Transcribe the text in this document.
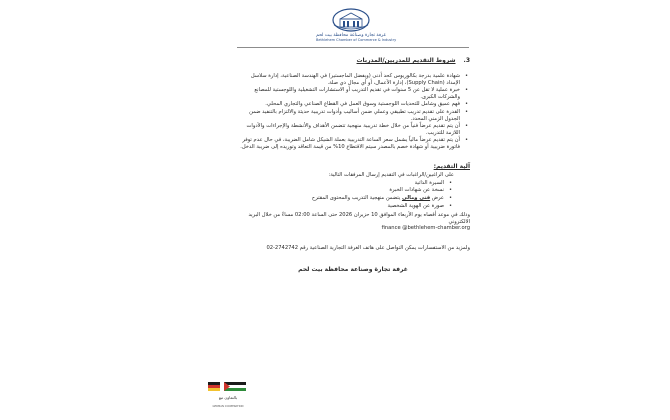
غرفة تجارة وصناعة محافظة بيت لحم
Bethlehem Chamber of Commerce & Industry
3.شروط التقديم للمدربين/المدربات
• شهادة علمية بدرجة بكالوريوس كحد أدنى (ويفضل الماجستير) في الهندسة الصناعية، إدارة سلاسل الإمداد (Supply Chain)، إدارة الأعمال، أو أي مجال ذي صلة.
• خبرة عملية لا تقل عن 5 سنوات في تقديم التدريب أو الاستشارات التشغيلية واللوجستية للمصانع والشركات الكبرى.
• فهم عميق وشامل للتحديات اللوجستية وسوق العمل في القطاع الصناعي والتجاري المحلي.
• القدرة على تقديم تدريب تطبيقي وعملي ضمن أساليب وأدوات تدريبية حديثة والالتزام بالتنفيذ ضمن الجدول الزمني المحدد.
• أن يتم تقديم عرضاً فنياً من خلال خطة تدريبية منهجية تتضمن الأهداف والأنشطة والإجراءات والأدوات اللازمة للتدريب.
• أن يتم تقديم عرضاً مالياً يشمل سعر الساعة التدريبية بعملة الشيكل شامل الضريبة، في حال عدم توفر فاتورة ضريبية أو شهادة خصم بالمصدر سيتم الاقتطاع 10% من قيمة التعاقد وتوريده إلى ضريبة الدخل.
آلية التقديم:
على الراغبين/الراغبات في التقديم إرسال المرفقات التالية:
• السيرة الذاتية
• نسخة عن شهادات الخبرة
• عرض فني ومالي يتضمن منهجية التدريب والمحتوى المقترح
• صورة عن الهوية الشخصية
وذلك في موعد أقصاه يوم الأربعاء الموافق 10 حزيران 2026 حتى الساعة 02:00 مساءً من خلال البريد الالكتروني
finance @bethlehem-chamber.org
ولمزيد من الاستفسارات يمكن التواصل على هاتف الغرفة التجارية الصناعية رقم 2742742-02
غرفة تجارة وصناعة محافظة بيت لحم
بالتعاون مع
GERMAN COOPERATION
